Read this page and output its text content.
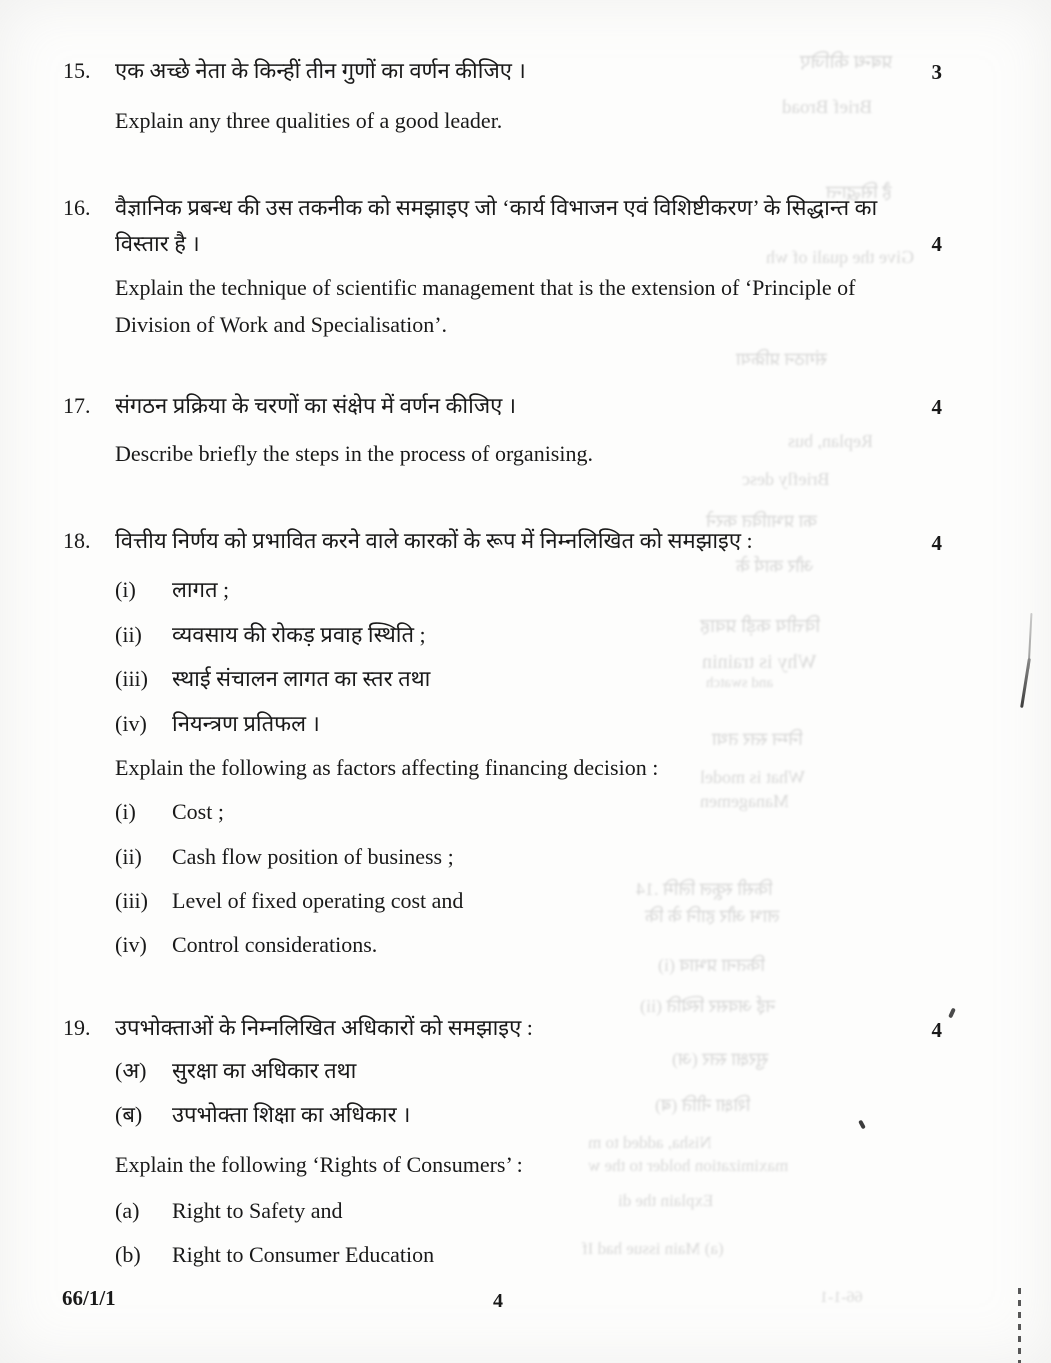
15. एक अच्छे नेता के किन्हीं तीन गुणों का वर्णन कीजिए ।	3
Explain any three qualities of a good leader.
16. वैज्ञानिक प्रबन्ध की उस तकनीक को समझाइए जो ‘कार्य विभाजन एवं विशिष्टीकरण’ के सिद्धान्त का
विस्तार है ।	4
Explain the technique of scientific management that is the extension of ‘Principle of
Division of Work and Specialisation’.
17. संगठन प्रक्रिया के चरणों का संक्षेप में वर्णन कीजिए ।	4
Describe briefly the steps in the process of organising.
18. वित्तीय निर्णय को प्रभावित करने वाले कारकों के रूप में निम्नलिखित को समझाइए :	4
(i) लागत ;
(ii) व्यवसाय की रोकड़ प्रवाह स्थिति ;
(iii) स्थाई संचालन लागत का स्तर तथा
(iv) नियन्त्रण प्रतिफल ।
Explain the following as factors affecting financing decision :
(i) Cost ;
(ii) Cash flow position of business ;
(iii) Level of fixed operating cost and
(iv) Control considerations.
19. उपभोक्ताओं के निम्नलिखित अधिकारों को समझाइए :	4
(अ) सुरक्षा का अधिकार तथा
(ब) उपभोक्ता शिक्षा का अधिकार ।
Explain the following ‘Rights of Consumers’ :
(a) Right to Safety and
(b) Right to Consumer Education
66/1/1	4
प्रबन्ध कीजिए
Brief Broad
है सिद्धान्त
Give the quali of wh
संगठन प्रक्रिया
Replan, bus
Briefly desc
का प्रभावित करने
और कार्य के
वित्तीय कड़ी प्रवाह
Why is trainin
and swatch
निम्न स्तर तथा
What is model
Managemen
किसी स्कूल लिमि .14
लाभ और हानि के कि
कितना प्रभाव (i)
नई अवसर स्थिति (ii)
सुरक्षा स्तर (अ)
शिक्षा नीति (ब)
Nisha, added to m
maximization holder to the w
Explain the di
(a) Main issue had If
66-1-1
